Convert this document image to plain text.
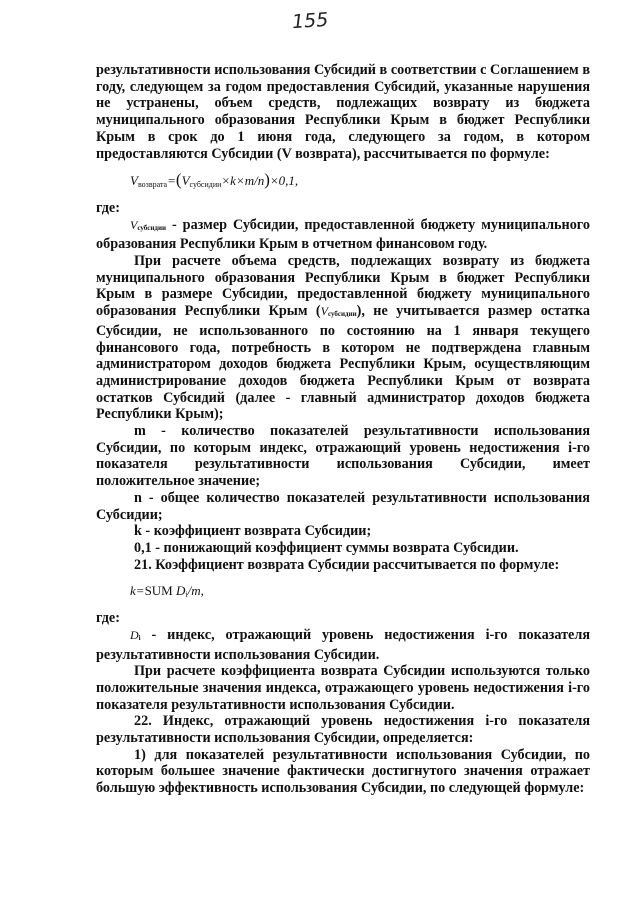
155

результативности использования Субсидий в соответствии с Соглашением в году, следующем за годом предоставления Субсидий, указанные нарушения не устранены, объем средств, подлежащих возврату из бюджета муниципального образования Республики Крым в бюджет Республики Крым в срок до 1 июня года, следующего за годом, в котором предоставляются Субсидии (V возврата), рассчитывается по формуле:

$V_{возврата}=(V_{субсидии}\times k\times m/n)\times 0,1$,

где:

Vсубсидии - размер Субсидии, предоставленной бюджету муниципального образования Республики Крым в отчетном финансовом году.

При расчете объема средств, подлежащих возврату из бюджета муниципального образования Республики Крым в бюджет Республики Крым в размере Субсидии, предоставленной бюджету муниципального образования Республики Крым (Vсубсидии), не учитывается размер остатка Субсидии, не использованного по состоянию на 1 января текущего финансового года, потребность в котором не подтверждена главным администратором доходов бюджета Республики Крым, осуществляющим администрирование доходов бюджета Республики Крым от возврата остатков Субсидий (далее - главный администратор доходов бюджета Республики Крым);

m - количество показателей результативности использования Субсидии, по которым индекс, отражающий уровень недостижения i-го показателя результативности использования Субсидии, имеет положительное значение;

n - общее количество показателей результативности использования Субсидии;

k - коэффициент возврата Субсидии;

0,1 - понижающий коэффициент суммы возврата Субсидии.

21. Коэффициент возврата Субсидии рассчитывается по формуле:

k=SUM $D_i/m$,

где:

Di - индекс, отражающий уровень недостижения i-го показателя результативности использования Субсидии.

При расчете коэффициента возврата Субсидии используются только положительные значения индекса, отражающего уровень недостижения i-го показателя результативности использования Субсидии.

22. Индекс, отражающий уровень недостижения i-го показателя результативности использования Субсидии, определяется:

1) для показателей результативности использования Субсидии, по которым большее значение фактически достигнутого значения отражает большую эффективность использования Субсидии, по следующей формуле:
